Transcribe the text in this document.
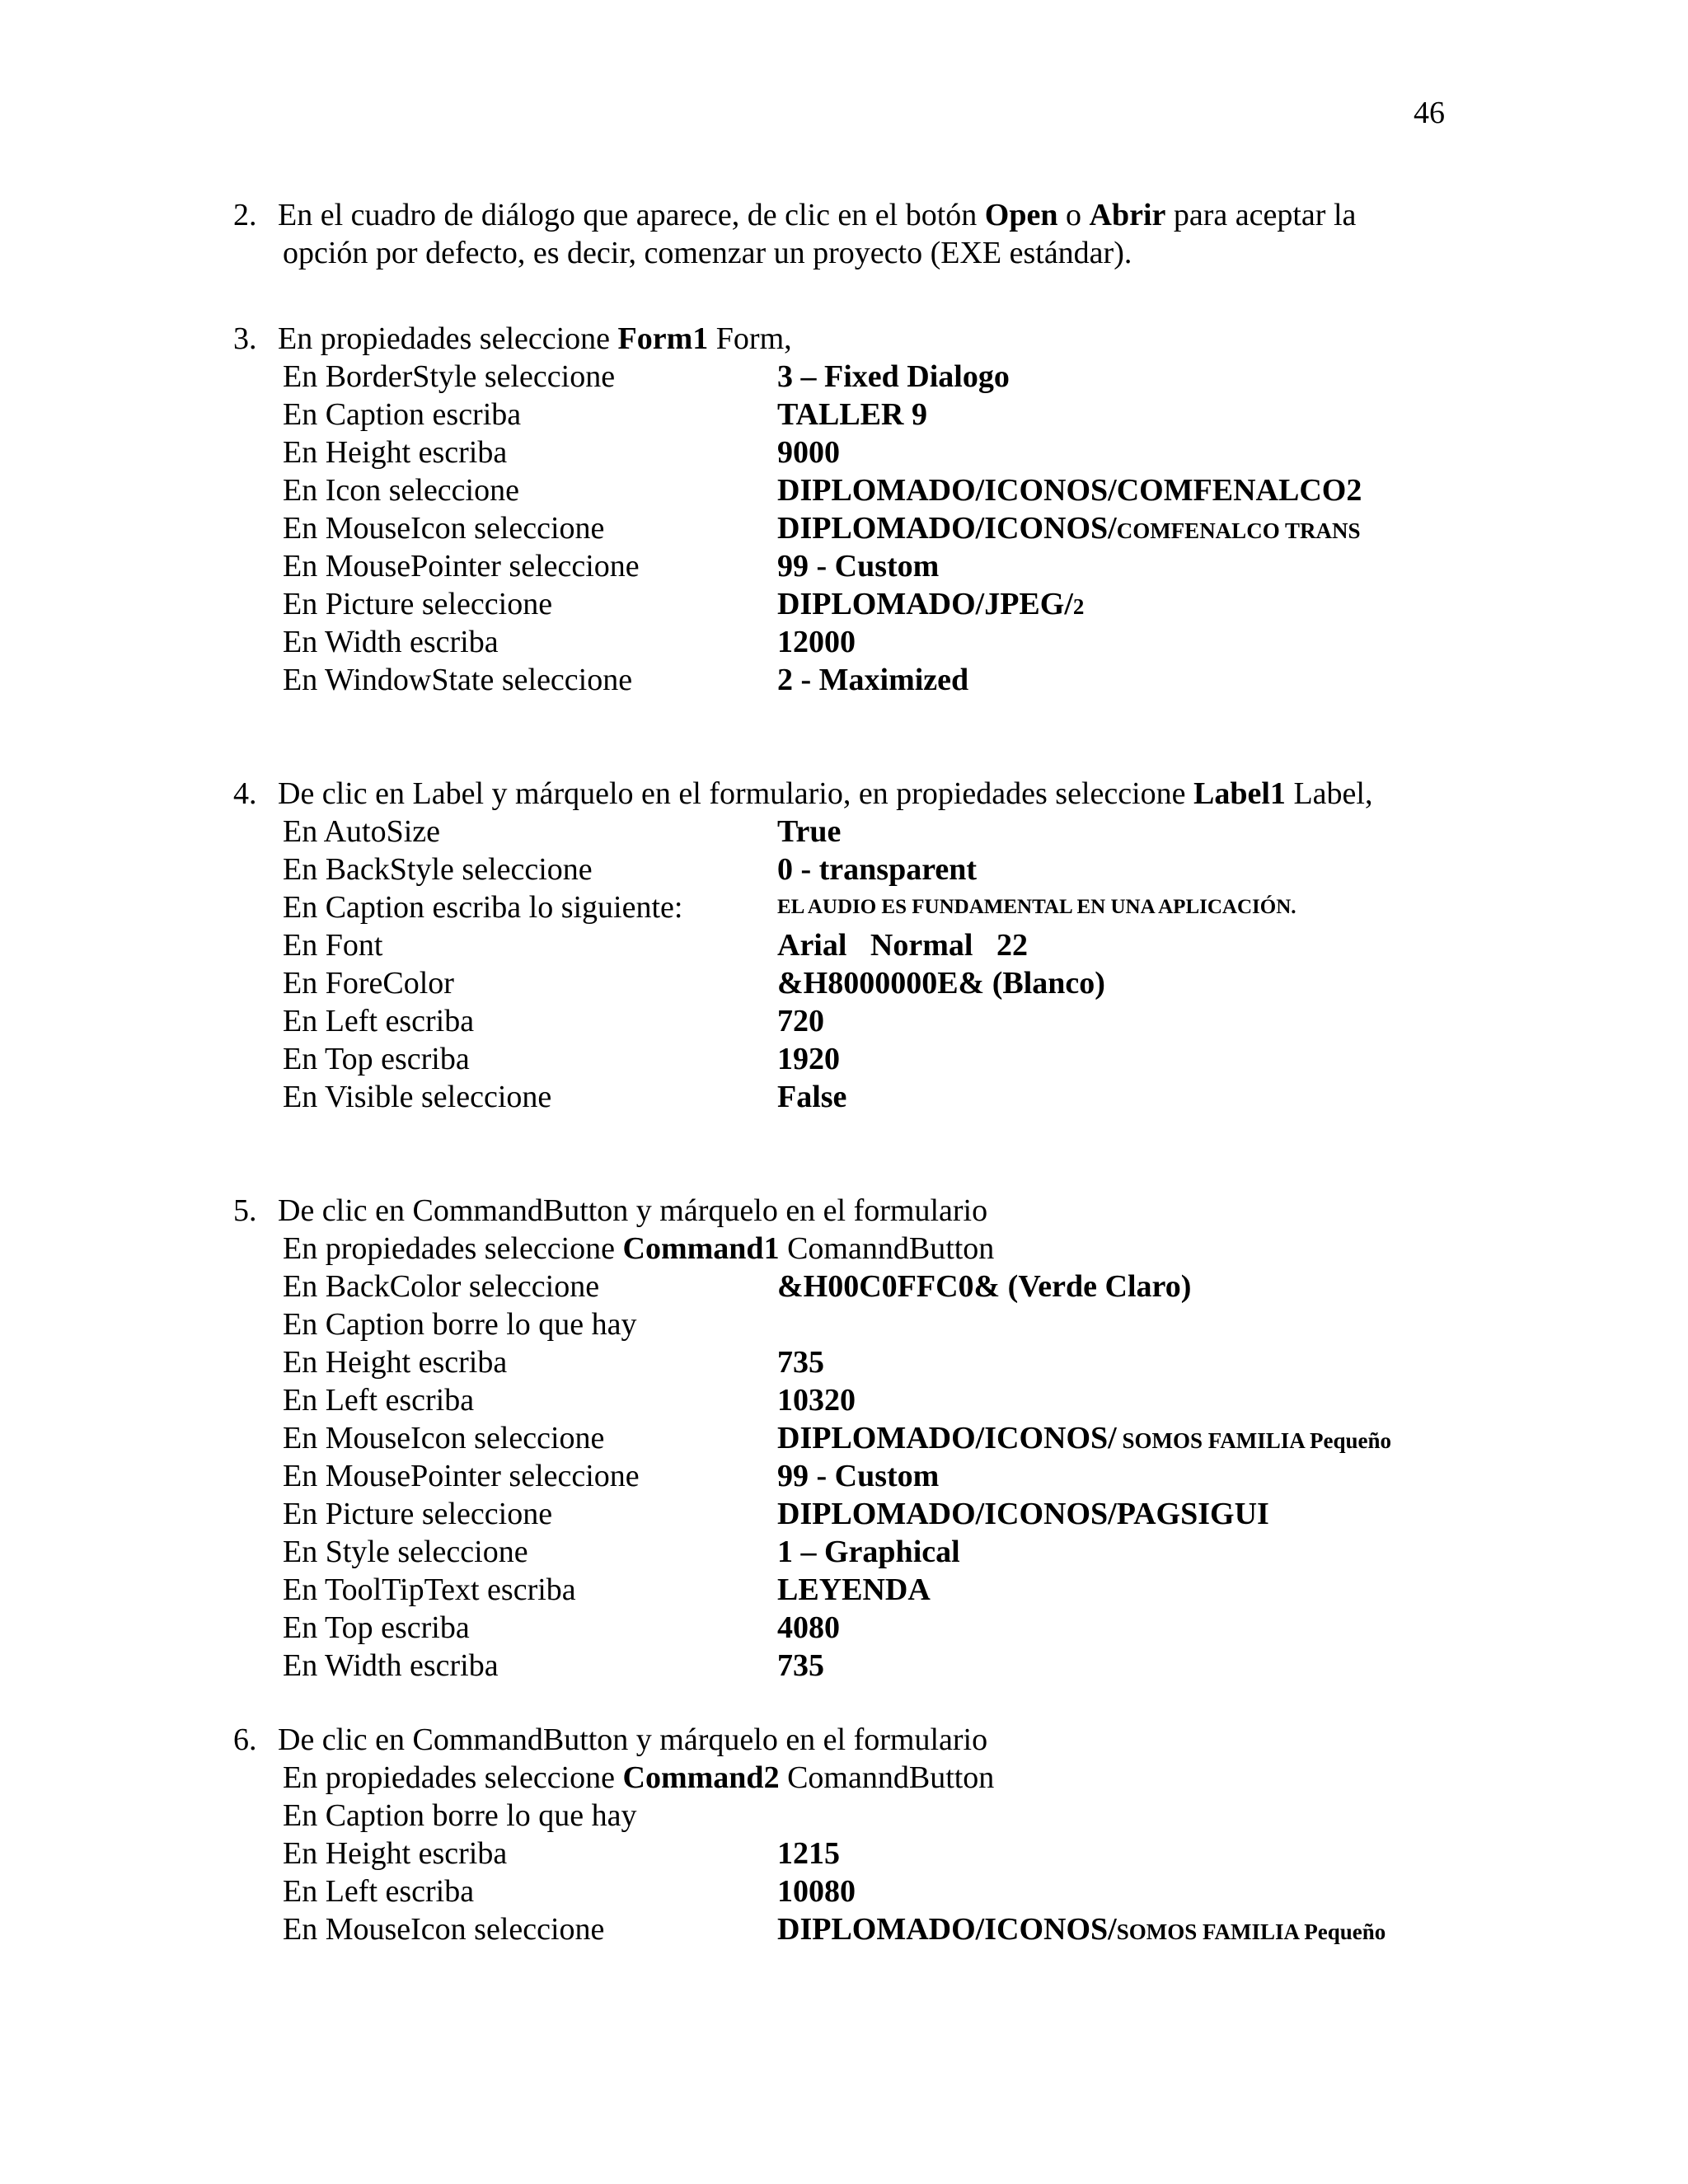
46
2. En el cuadro de diálogo que aparece, de clic en el botón Open o Abrir para aceptar la
opción por defecto, es decir, comenzar un proyecto (EXE estándar).
3. En propiedades seleccione Form1 Form,
En BorderStyle seleccione	3 – Fixed Dialogo
En Caption escriba	TALLER 9
En Height escriba	9000
En Icon seleccione	DIPLOMADO/ICONOS/COMFENALCO2
En MouseIcon seleccione	DIPLOMADO/ICONOS/COMFENALCO TRANS
En MousePointer seleccione	99 - Custom
En Picture seleccione	DIPLOMADO/JPEG/2
En Width escriba	12000
En WindowState seleccione	2 - Maximized
4. De clic en Label y márquelo en el formulario, en propiedades seleccione Label1 Label,
En AutoSize	True
En BackStyle seleccione	0 - transparent
En Caption escriba lo siguiente:	EL AUDIO ES FUNDAMENTAL EN UNA APLICACIÓN.
En Font	Arial   Normal   22
En ForeColor	&H8000000E& (Blanco)
En Left escriba	720
En Top escriba	1920
En Visible seleccione	False
5. De clic en CommandButton y márquelo en el formulario
En propiedades seleccione Command1 ComanndButton
En BackColor seleccione	&H00C0FFC0& (Verde Claro)
En Caption borre lo que hay
En Height escriba	735
En Left escriba	10320
En MouseIcon seleccione	DIPLOMADO/ICONOS/ SOMOS FAMILIA Pequeño
En MousePointer seleccione	99 - Custom
En Picture seleccione	DIPLOMADO/ICONOS/PAGSIGUI
En Style seleccione	1 – Graphical
En ToolTipText escriba	LEYENDA
En Top escriba	4080
En Width escriba	735
6. De clic en CommandButton y márquelo en el formulario
En propiedades seleccione Command2 ComanndButton
En Caption borre lo que hay
En Height escriba	1215
En Left escriba	10080
En MouseIcon seleccione	DIPLOMADO/ICONOS/SOMOS FAMILIA Pequeño
